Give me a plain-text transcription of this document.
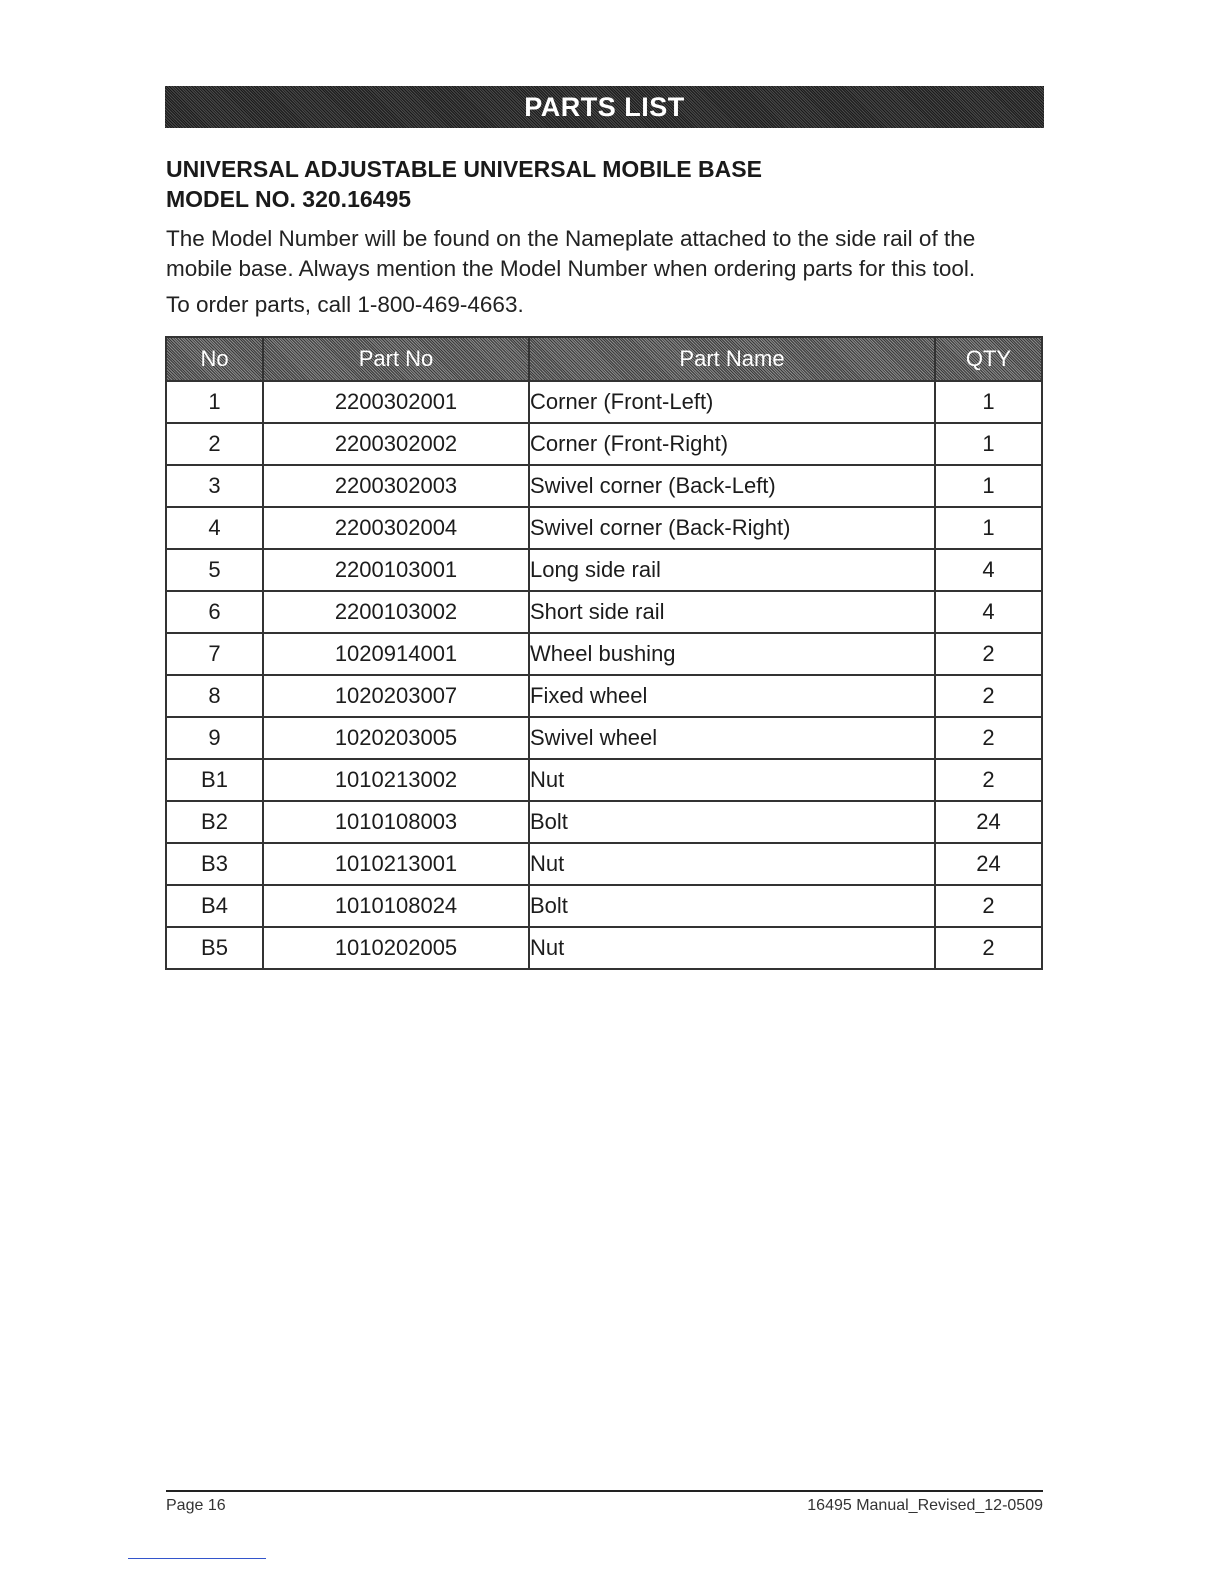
PARTS LIST
UNIVERSAL ADJUSTABLE UNIVERSAL MOBILE BASE
MODEL NO. 320.16495

The Model Number will be found on the Nameplate attached to the side rail of the mobile base. Always mention the Model Number when ordering parts for this tool.

To order parts, call 1-800-469-4663.

No	Part No	Part Name	QTY
1	2200302001	Corner (Front-Left)	1
2	2200302002	Corner (Front-Right)	1
3	2200302003	Swivel corner (Back-Left)	1
4	2200302004	Swivel corner (Back-Right)	1
5	2200103001	Long side rail	4
6	2200103002	Short side rail	4
7	1020914001	Wheel bushing	2
8	1020203007	Fixed wheel	2
9	1020203005	Swivel wheel	2
B1	1010213002	Nut	2
B2	1010108003	Bolt	24
B3	1010213001	Nut	24
B4	1010108024	Bolt	2
B5	1010202005	Nut	2
Page 16	16495 Manual_Revised_12-0509
